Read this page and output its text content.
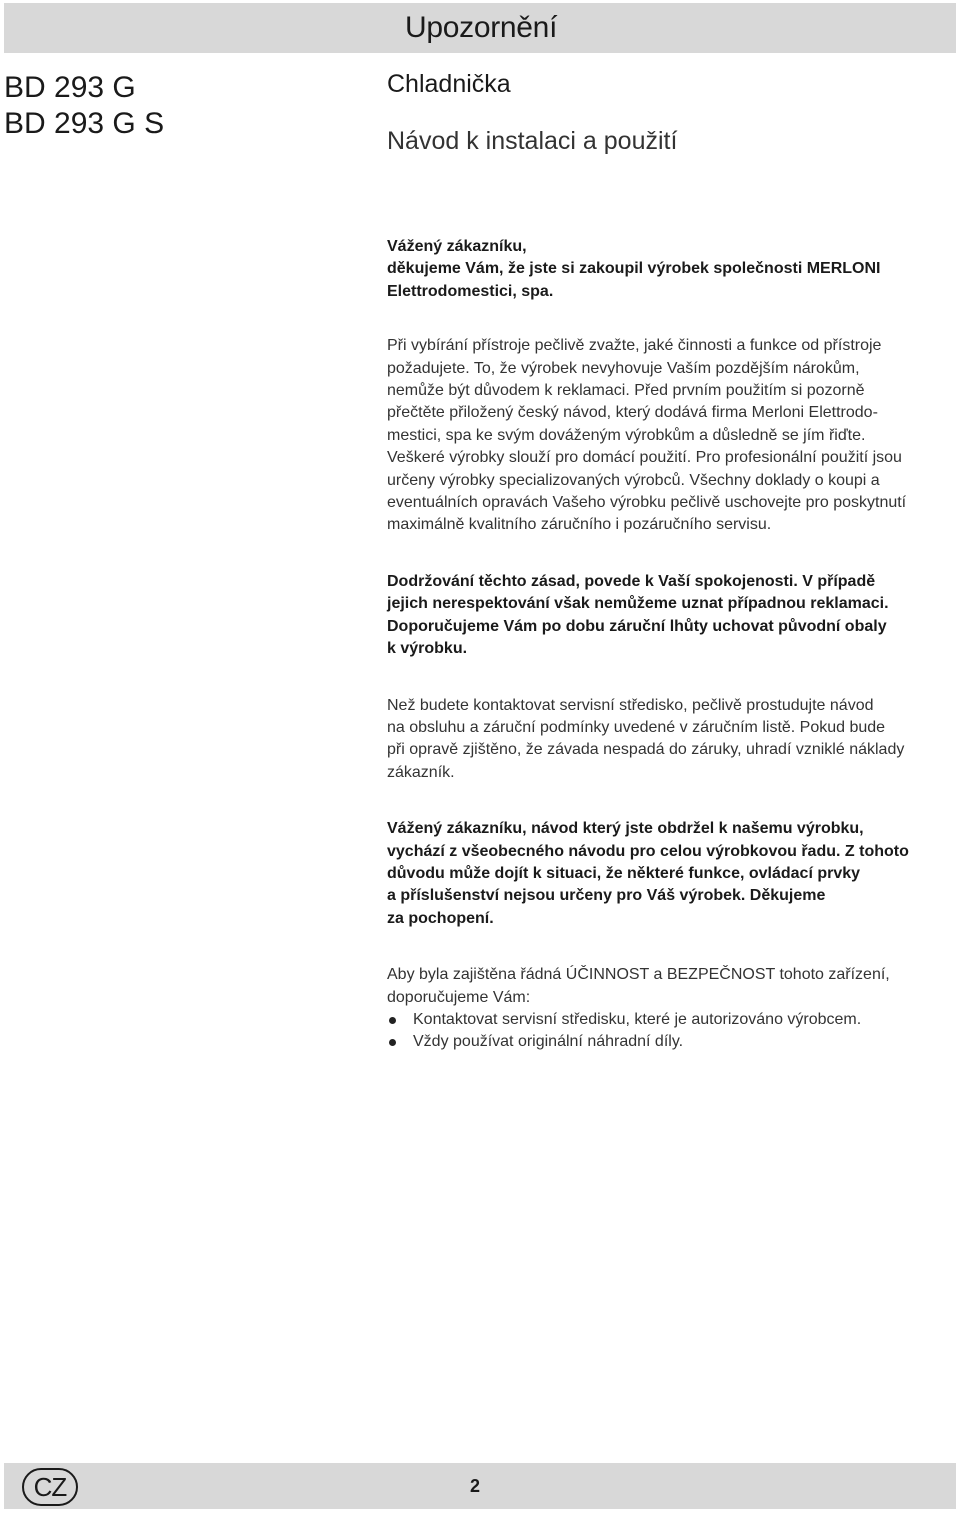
Upozornění
BD 293 G
BD 293 G S
Chladnička
Návod k instalaci a použití

Vážený zákazníku,
děkujeme Vám, že jste si zakoupil výrobek společnosti MERLONI
Elettrodomestici, spa.

Při vybírání přístroje pečlivě zvažte, jaké činnosti a funkce od přístroje
požadujete. To, že výrobek nevyhovuje Vaším pozdějším nárokům,
nemůže být důvodem k reklamaci. Před prvním použitím si pozorně
přečtěte přiložený český návod, který dodává firma Merloni Elettrodo-
mestici, spa ke svým dováženým výrobkům a důsledně se jím řiďte.
Veškeré výrobky slouží pro domácí použití. Pro profesionální použití jsou
určeny výrobky specializovaných výrobců. Všechny doklady o koupi a
eventuálních opravách Vašeho výrobku pečlivě uschovejte pro poskytnutí
maximálně kvalitního záručního i pozáručního servisu.

Dodržování těchto zásad, povede k Vaší spokojenosti. V případě
jejich nerespektování však nemůžeme uznat případnou reklamaci.
Doporučujeme Vám po dobu záruční lhůty uchovat původní obaly
k výrobku.

Než budete kontaktovat servisní středisko, pečlivě prostudujte návod
na obsluhu a záruční podmínky uvedené v záručním listě. Pokud bude
při opravě zjištěno, že závada nespadá do záruky, uhradí vzniklé náklady
zákazník.

Vážený zákazníku, návod který jste obdržel k našemu výrobku,
vychází z všeobecného návodu pro celou výrobkovou řadu. Z tohoto
důvodu může dojít k situaci, že některé funkce, ovládací prvky
a příslušenství nejsou určeny pro Váš výrobek. Děkujeme
za pochopení.

Aby byla zajištěna řádná ÚČINNOST a BEZPEČNOST tohoto zařízení,
doporučujeme Vám:

Kontaktovat servisní středisku, které je autorizováno výrobcem.
Vždy používat originální náhradní díly.
CZ	2
